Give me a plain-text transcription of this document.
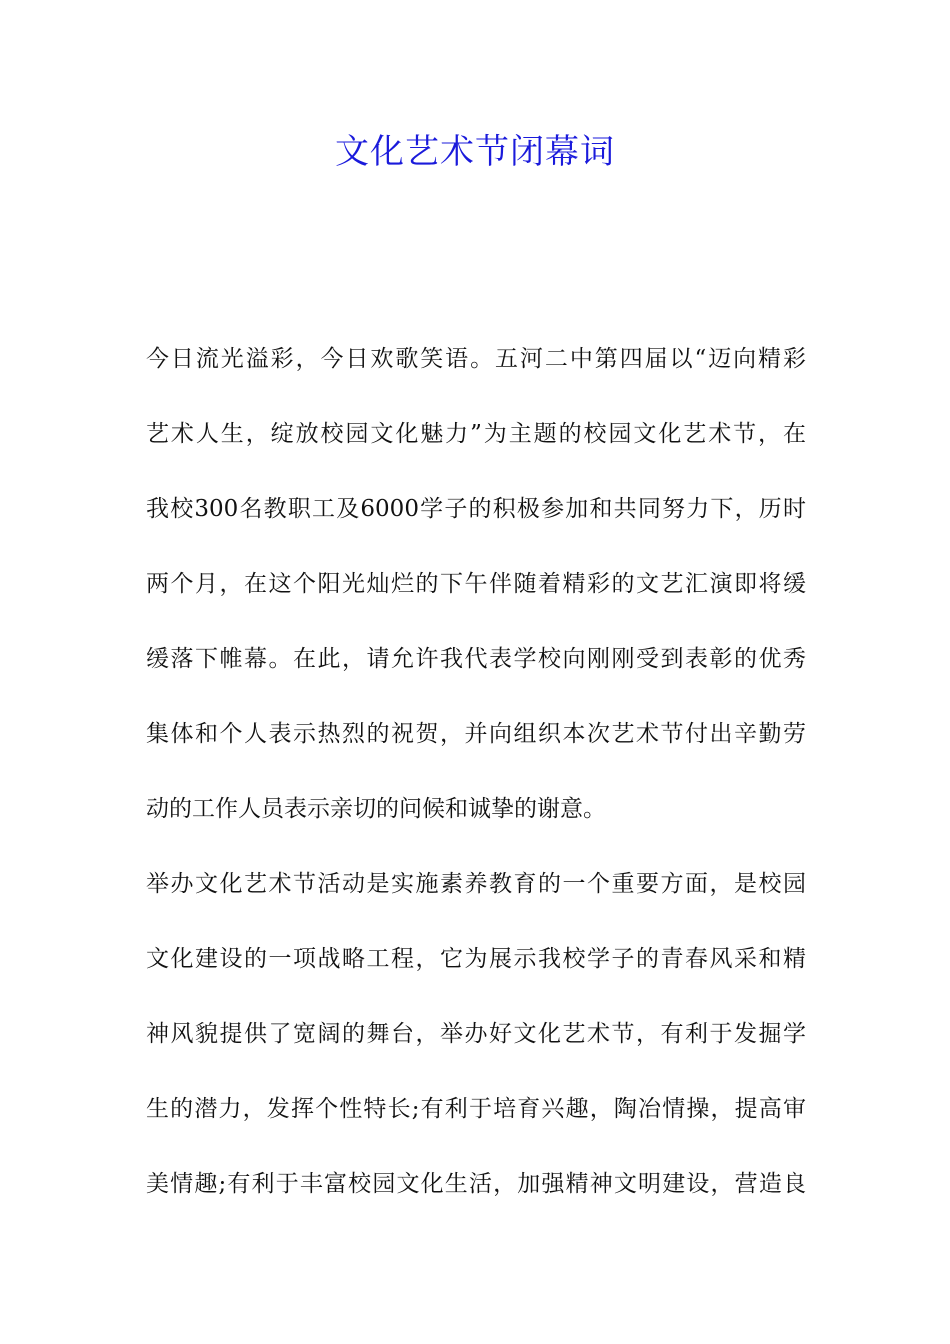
文化艺术节闭幕词
今日流光溢彩，今日欢歌笑语。五河二中第四届以“迈向精彩
艺术人生，绽放校园文化魅力”为主题的校园文化艺术节，在
我校300名教职工及6000学子的积极参加和共同努力下，历时
两个月，在这个阳光灿烂的下午伴随着精彩的文艺汇演即将缓
缓落下帷幕。在此，请允许我代表学校向刚刚受到表彰的优秀
集体和个人表示热烈的祝贺，并向组织本次艺术节付出辛勤劳
动的工作人员表示亲切的问候和诚挚的谢意。
举办文化艺术节活动是实施素养教育的一个重要方面，是校园
文化建设的一项战略工程，它为展示我校学子的青春风采和精
神风貌提供了宽阔的舞台，举办好文化艺术节，有利于发掘学
生的潜力，发挥个性特长;有利于培育兴趣，陶冶情操，提高审
美情趣;有利于丰富校园文化生活，加强精神文明建设，营造良
